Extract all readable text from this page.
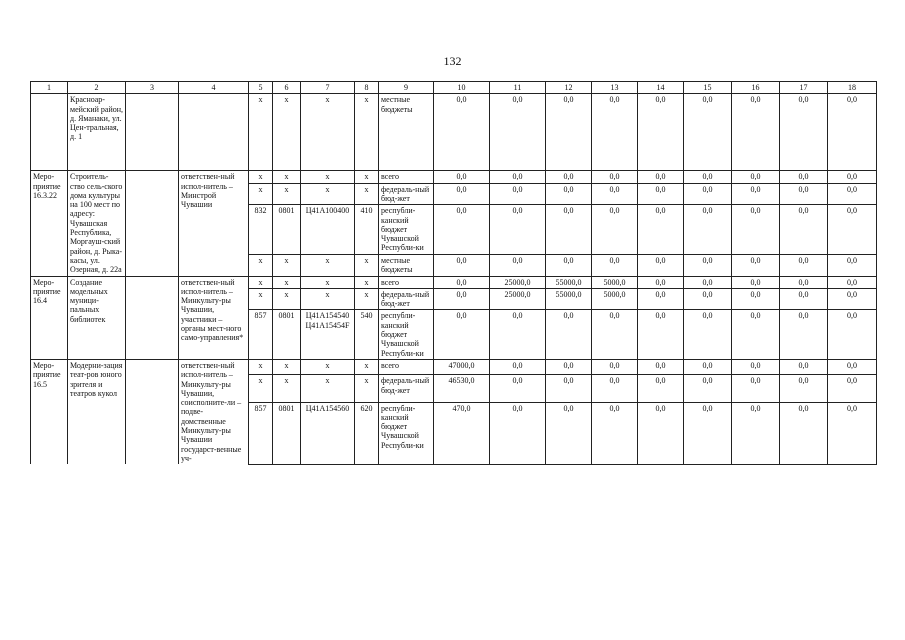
132
1	2	3	4	5	6	7	8	9	10	11	12	13	14	15	16	17	18
	Красноар-мейский район, д. Яманаки, ул. Цен-тральная, д. 1			x	x	x	x	местные бюджеты	0,0	0,0	0,0	0,0	0,0	0,0	0,0	0,0	0,0
Меро-приятие 16.3.22	Строитель-ство сель-ского дома культуры на 100 мест по адресу: Чувашская Республика, Моргауш-ский район, д. Рыка-касы, ул. Озерная, д. 22а		ответствен-ный испол-нитель – Минстрой Чувашии	x	x	x	x	всего	0,0	0,0	0,0	0,0	0,0	0,0	0,0	0,0	0,0
				x	x	x	x	федераль-ный бюд-жет	0,0	0,0	0,0	0,0	0,0	0,0	0,0	0,0	0,0
				832	0801	Ц41А100400	410	республи-канский бюджет Чувашской Республи-ки	0,0	0,0	0,0	0,0	0,0	0,0	0,0	0,0	0,0
				x	x	x	x	местные бюджеты	0,0	0,0	0,0	0,0	0,0	0,0	0,0	0,0	0,0
Меро-приятие 16.4	Создание модельных муници-пальных библиотек		ответствен-ный испол-нитель – Минкульту-ры Чувашии, участники – органы мест-ного само-управления*	x	x	x	x	всего	0,0	25000,0	55000,0	5000,0	0,0	0,0	0,0	0,0	0,0
				x	x	x	x	федераль-ный бюд-жет	0,0	25000,0	55000,0	5000,0	0,0	0,0	0,0	0,0	0,0
				857	0801	Ц41А154540 Ц41А15454F	540	республи-канский бюджет Чувашской Республи-ки	0,0	0,0	0,0	0,0	0,0	0,0	0,0	0,0	0,0
Меро-приятие 16.5	Модерни-зация теат-ров юного зрителя и театров кукол		ответствен-ный испол-нитель – Минкульту-ры Чувашии, соисполните-ли – подве-домственные Минкульту-ры Чувашии государст-венные уч-	x	x	x	x	всего	47000,0	0,0	0,0	0,0	0,0	0,0	0,0	0,0	0,0
				x	x	x	x	федераль-ный бюд-жет	46530,0	0,0	0,0	0,0	0,0	0,0	0,0	0,0	0,0
				857	0801	Ц41А154560	620	республи-канский бюджет Чувашской Республи-ки	470,0	0,0	0,0	0,0	0,0	0,0	0,0	0,0	0,0
